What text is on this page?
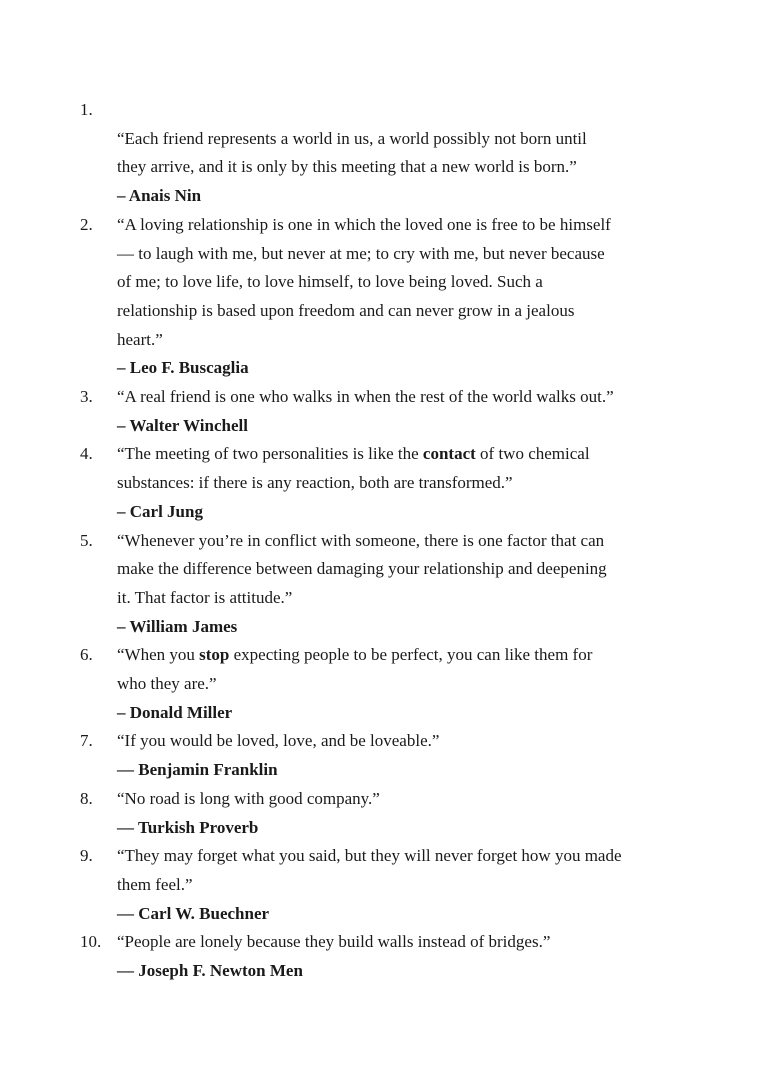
1.

“Each friend represents a world in us, a world possibly not born until
they arrive, and it is only by this meeting that a new world is born.”
– Anais Nin
2. “A loving relationship is one in which the loved one is free to be himself
— to laugh with me, but never at me; to cry with me, but never because
of me; to love life, to love himself, to love being loved. Such a
relationship is based upon freedom and can never grow in a jealous
heart.”
– Leo F. Buscaglia
3. “A real friend is one who walks in when the rest of the world walks out.”
– Walter Winchell
4. “The meeting of two personalities is like the contact of two chemical
substances: if there is any reaction, both are transformed.”
– Carl Jung
5. “Whenever you’re in conflict with someone, there is one factor that can
make the difference between damaging your relationship and deepening
it. That factor is attitude.”
– William James
6. “When you stop expecting people to be perfect, you can like them for
who they are.”
– Donald Miller
7. “If you would be loved, love, and be loveable.”
— Benjamin Franklin
8. “No road is long with good company.”
— Turkish Proverb
9. “They may forget what you said, but they will never forget how you made
them feel.”
— Carl W. Buechner
10. “People are lonely because they build walls instead of bridges.”
— Joseph F. Newton Men
